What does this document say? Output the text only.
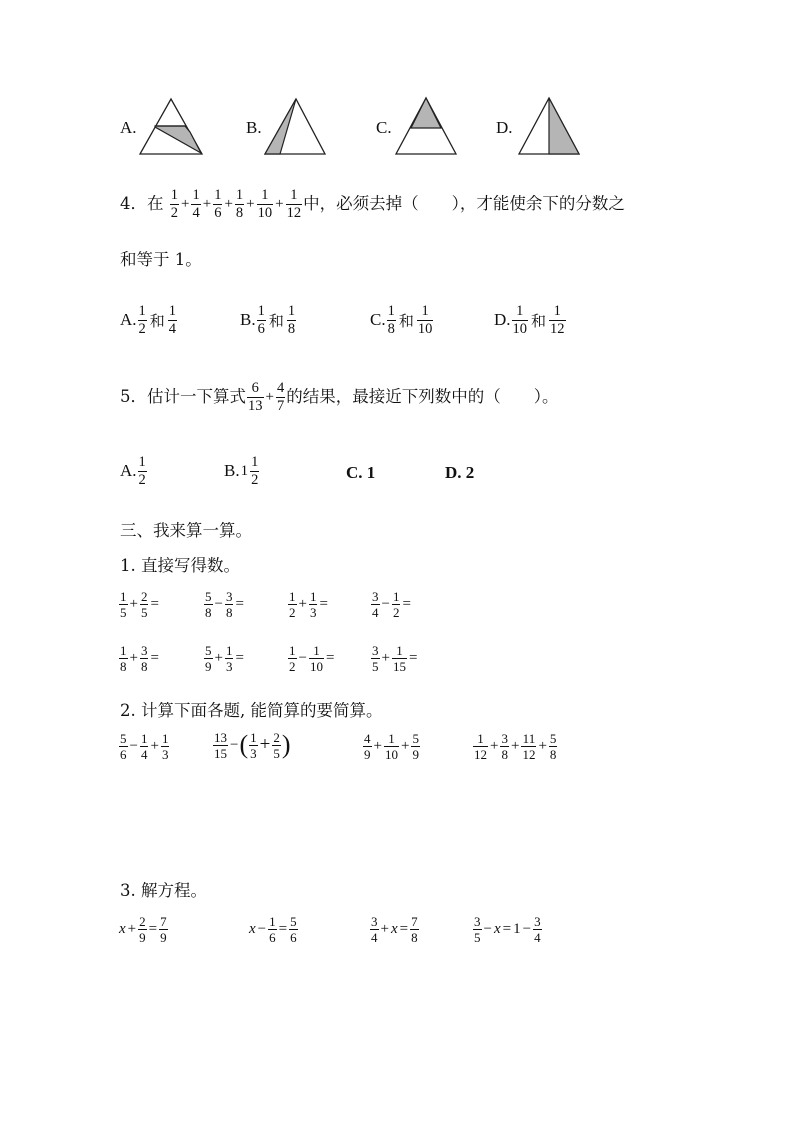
A.	B.	C.	D.
4．在 $\frac{1}{2} + \frac{1}{4} + \frac{1}{6} + \frac{1}{8} + \frac{1}{10} + \frac{1}{12}$ 中，必须去掉（　　），才能使余下的分数之
和等于 1。
A. $\frac{1}{2}$ 和 $\frac{1}{4}$	B. $\frac{1}{6}$ 和 $\frac{1}{8}$	C. $\frac{1}{8}$ 和 $\frac{1}{10}$	D. $\frac{1}{10}$ 和 $\frac{1}{12}$
5．估计一下算式 $\frac{6}{13} + \frac{4}{7}$ 的结果，最接近下列数中的（　　）。
A. $\frac{1}{2}$	$B.1 \frac{1}{2}$	C. 1	D. 2
三、我来算一算。
1. 直接写得数。
$\frac{1}{5} + \frac{2}{5}$ =	$\frac{5}{8} - \frac{3}{8}$ =	$\frac{1}{2} + \frac{1}{3}$ =	$\frac{3}{4} - \frac{1}{2}$ =
$\frac{1}{8} + \frac{3}{8}$ =	$\frac{5}{9} + \frac{1}{3}$ =	$\frac{1}{2} - \frac{1}{10}$ =	$\frac{3}{5} + \frac{1}{15}$ =
2. 计算下面各题, 能简算的要简算。
$\frac{5}{6} - \frac{1}{4} + \frac{1}{3}$	$\frac{13}{15}$ −( $\frac{1}{3} + \frac{2}{5}$ )	$\frac{4}{9} + \frac{1}{10} + \frac{5}{9}$	$\frac{1}{12} + \frac{3}{8} + \frac{11}{12} + \frac{5}{8}$
3. 解方程。
$x + \frac{2}{9} = \frac{7}{9}$	$x - \frac{1}{6} = \frac{5}{6}$	$\frac{3}{4} + x = \frac{7}{8}$	$\frac{3}{5} - x = 1 - \frac{3}{4}$
